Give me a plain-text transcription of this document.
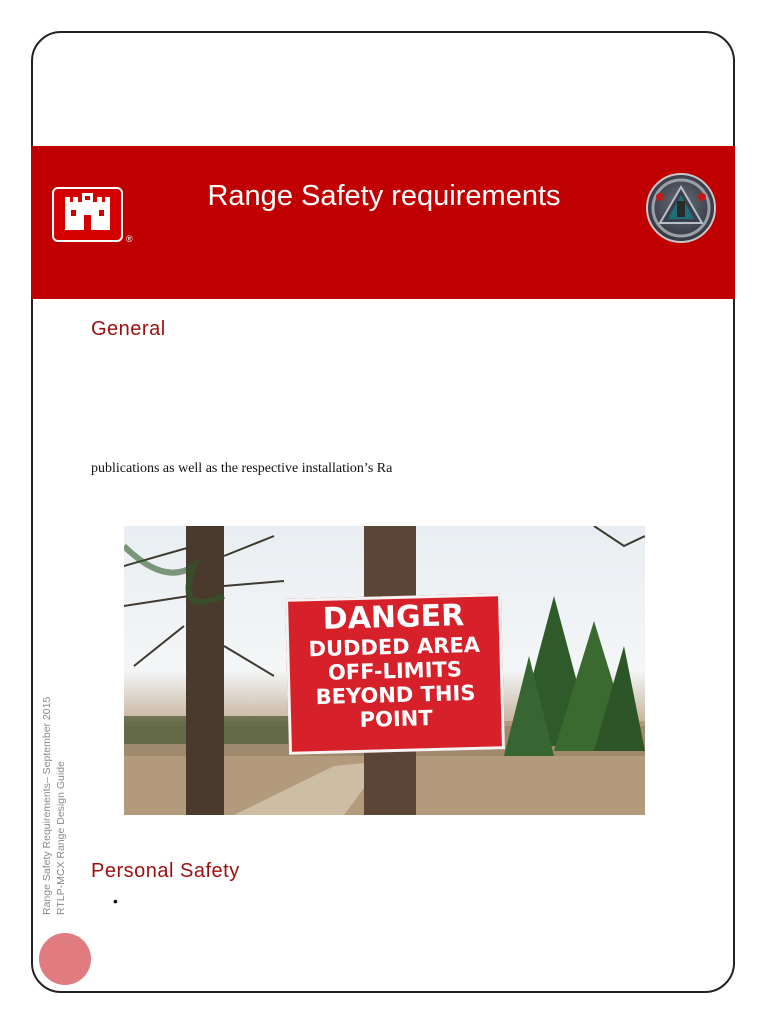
®
Range Safety requirements
General
publications as well as the respective installation’s Ra
DANGER
DUDDED AREA
OFF-LIMITS
BEYOND THIS
POINT
Personal Safety
•
Range Safety Requirements– September 2015 RTLP-MCX Range Design Guide
